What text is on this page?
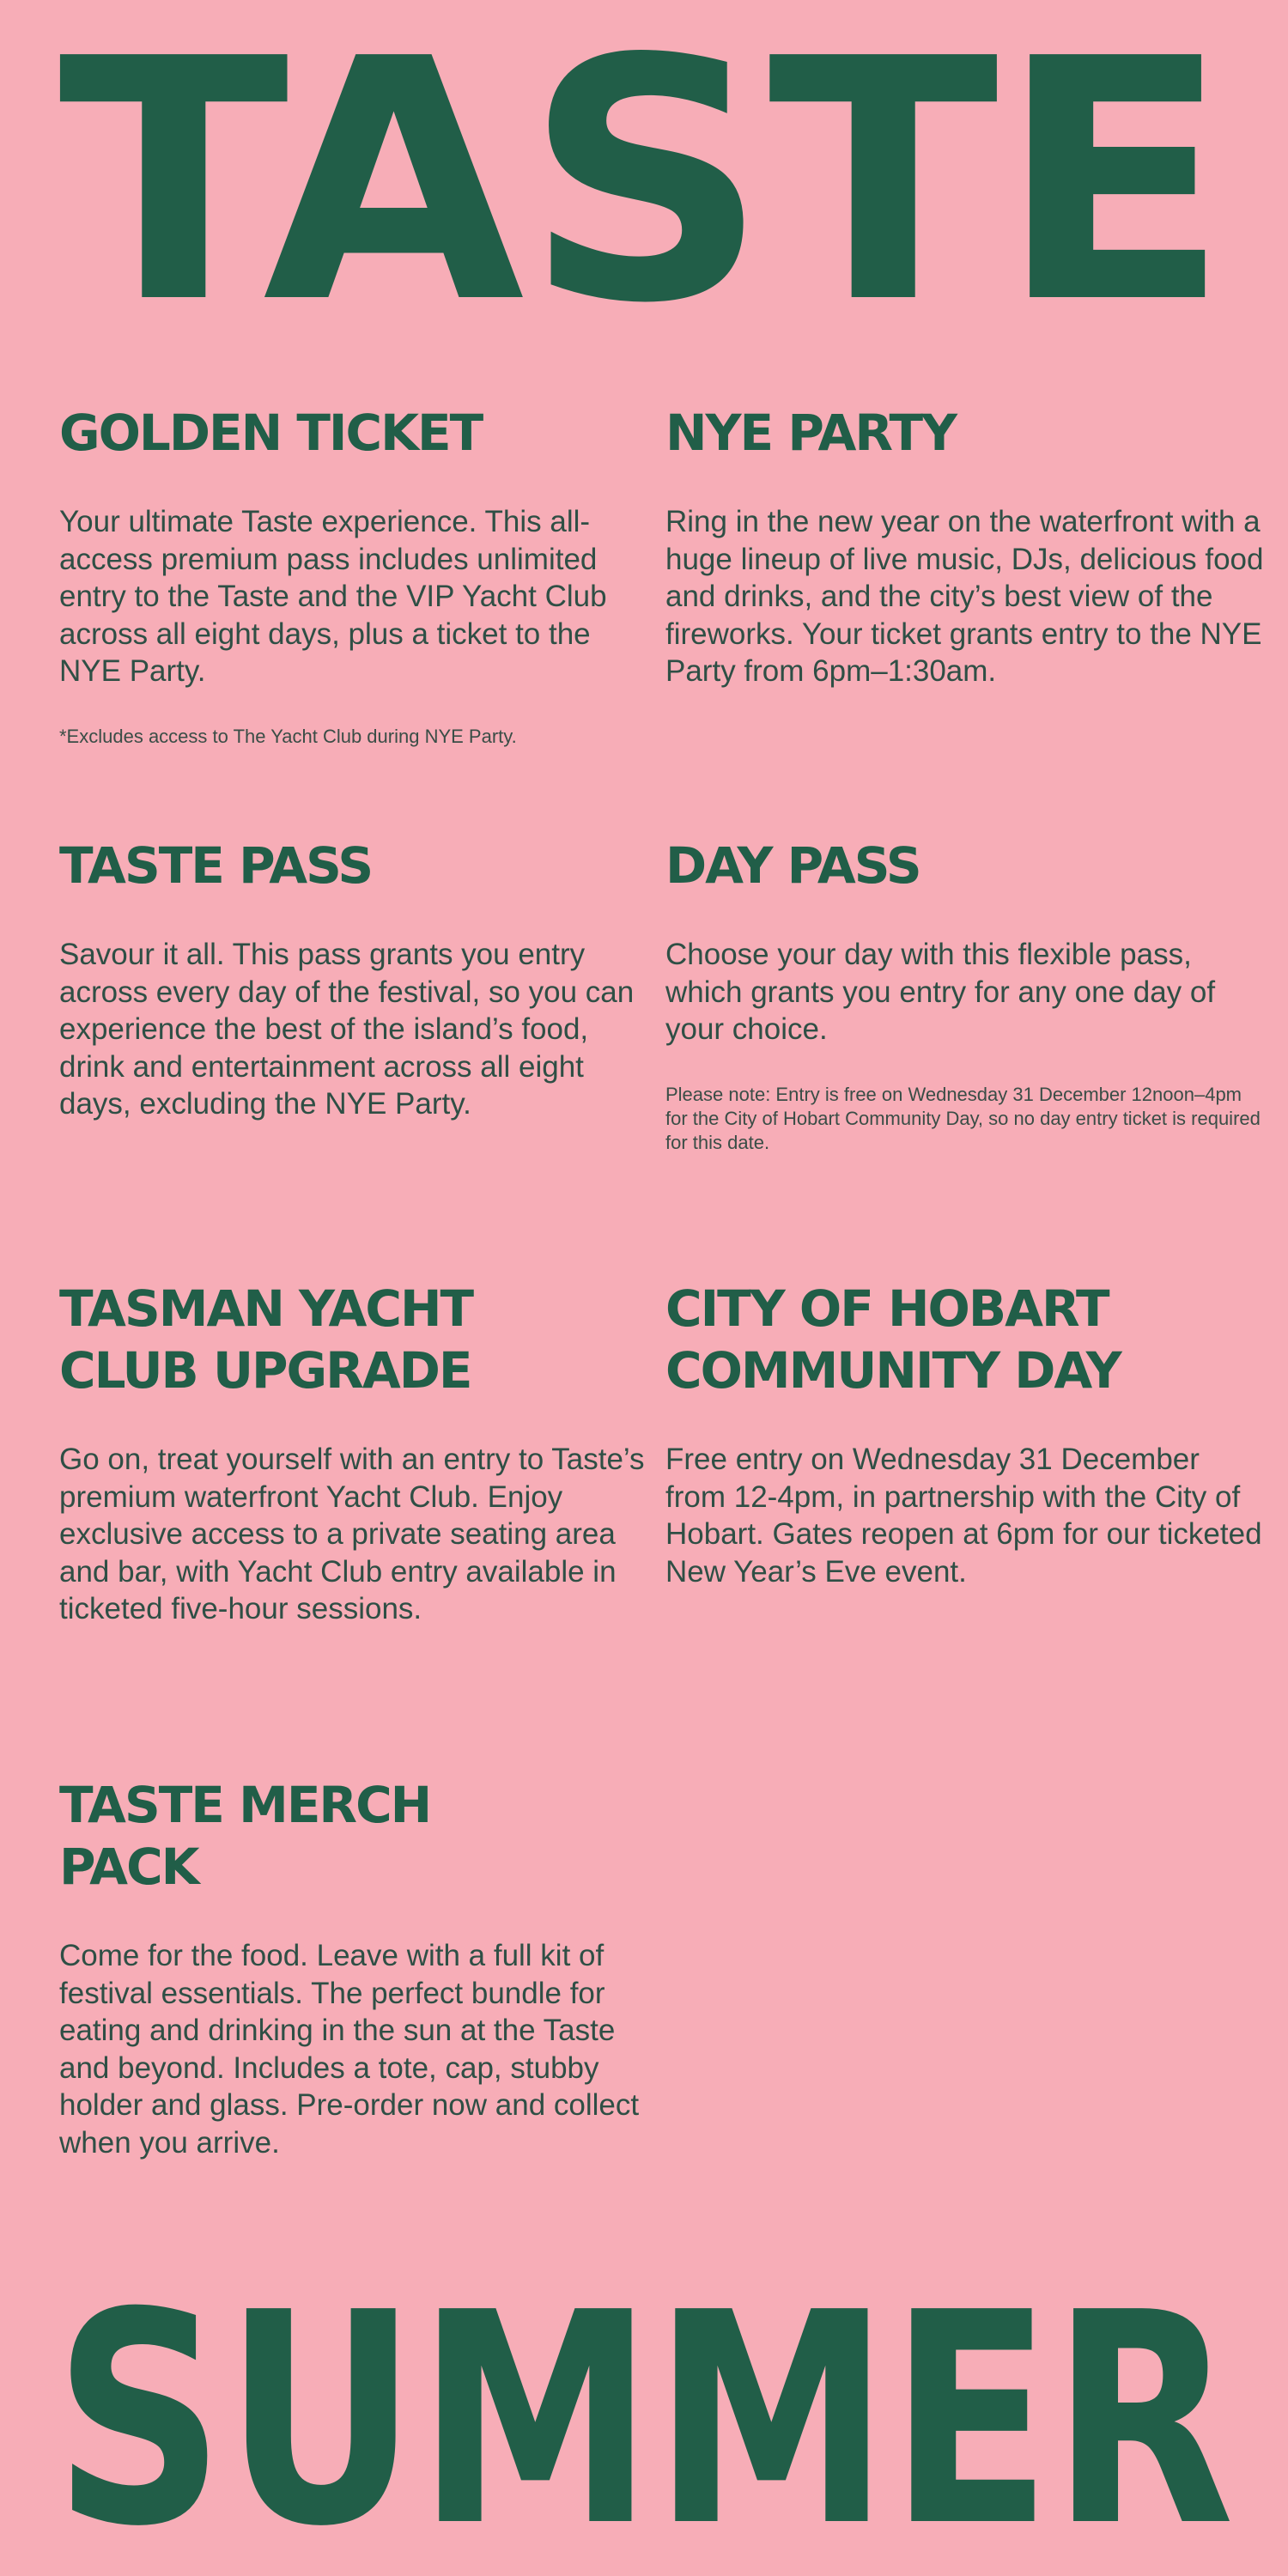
TASTE
GOLDEN TICKET

Your ultimate Taste experience. This all-access premium pass includes unlimited entry to the Taste and the VIP Yacht Club across all eight days, plus a ticket to the NYE Party.

*Excludes access to The Yacht Club during NYE Party.

NYE PARTY

Ring in the new year on the waterfront with a huge lineup of live music, DJs, delicious food and drinks, and the city’s best view of the fireworks. Your ticket grants entry to the NYE Party from 6pm–1:30am.

TASTE PASS

Savour it all. This pass grants you entry across every day of the festival, so you can experience the best of the island’s food, drink and entertainment across all eight days, excluding the NYE Party.

DAY PASS

Choose your day with this flexible pass, which grants you entry for any one day of your choice.

Please note: Entry is free on Wednesday 31 December 12noon–4pm for the City of Hobart Community Day, so no day entry ticket is required for this date.

TASMAN YACHT
CLUB UPGRADE

Go on, treat yourself with an entry to Taste’s premium waterfront Yacht Club. Enjoy exclusive access to a private seating area and bar, with Yacht Club entry available in ticketed five-hour sessions.

CITY OF HOBART
COMMUNITY DAY

Free entry on Wednesday 31 December from 12-4pm, in partnership with the City of Hobart. Gates reopen at 6pm for our ticketed New Year’s Eve event.

TASTE MERCH
PACK

Come for the food. Leave with a full kit of festival essentials. The perfect bundle for eating and drinking in the sun at the Taste and beyond. Includes a tote, cap, stubby holder and glass. Pre-order now and collect when you arrive.

SUMMER
